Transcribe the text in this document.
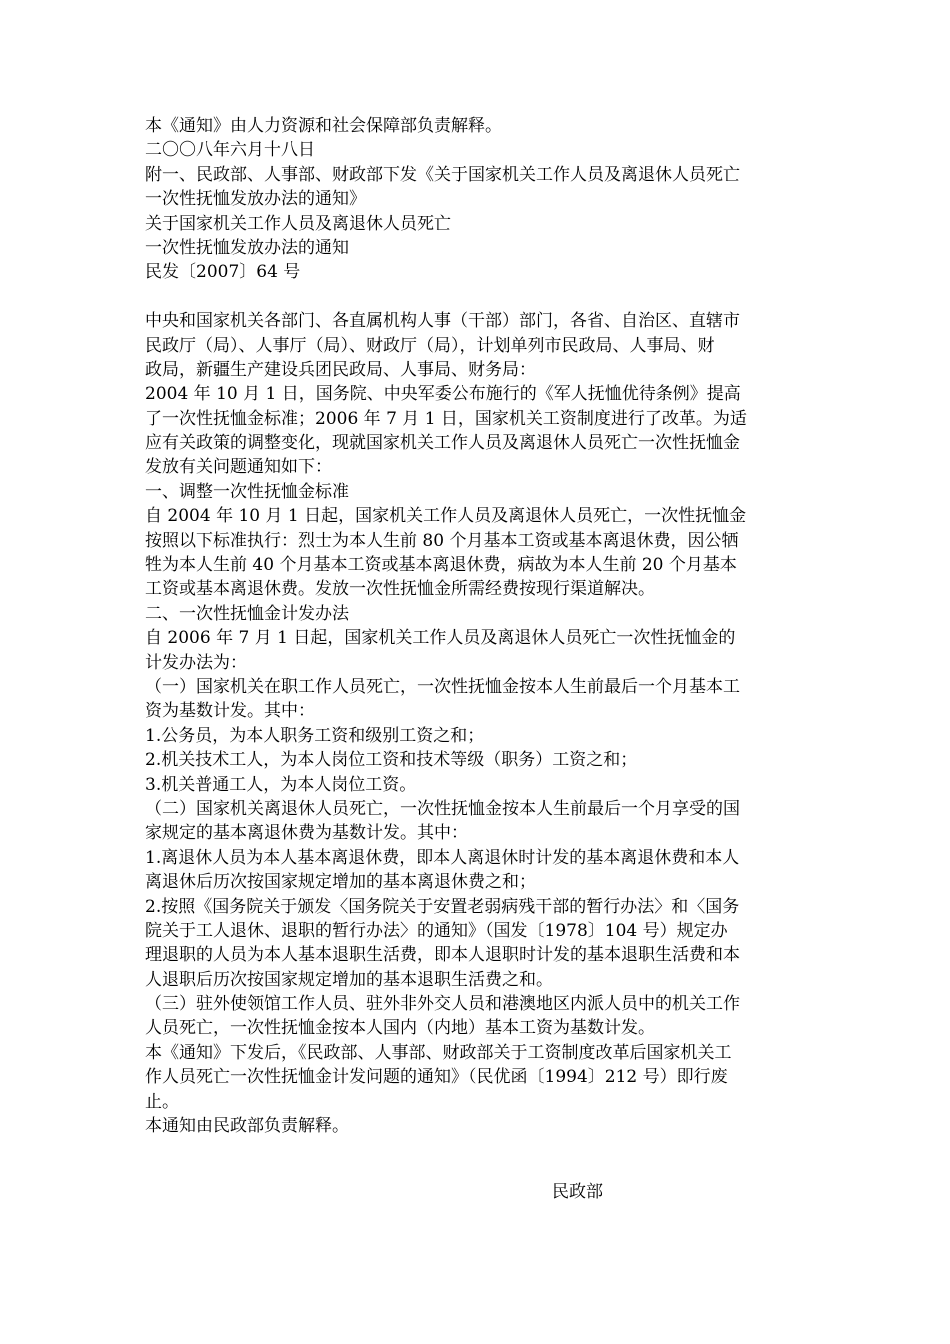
本《通知》由人力资源和社会保障部负责解释。
二〇〇八年六月十八日
附一、民政部、人事部、财政部下发《关于国家机关工作人员及离退休人员死亡
一次性抚恤发放办法的通知》
关于国家机关工作人员及离退休人员死亡
一次性抚恤发放办法的通知
民发〔2007〕64 号
中央和国家机关各部门、各直属机构人事（干部）部门，各省、自治区、直辖市
民政厅（局）、人事厅（局）、财政厅（局），计划单列市民政局、人事局、财
政局，新疆生产建设兵团民政局、人事局、财务局：
2004 年 10 月 1 日，国务院、中央军委公布施行的《军人抚恤优待条例》提高
了一次性抚恤金标准；2006 年 7 月 1 日，国家机关工资制度进行了改革。为适
应有关政策的调整变化，现就国家机关工作人员及离退休人员死亡一次性抚恤金
发放有关问题通知如下：
一、调整一次性抚恤金标准
自 2004 年 10 月 1 日起，国家机关工作人员及离退休人员死亡，一次性抚恤金
按照以下标准执行：烈士为本人生前 80 个月基本工资或基本离退休费，因公牺
牲为本人生前 40 个月基本工资或基本离退休费，病故为本人生前 20 个月基本
工资或基本离退休费。发放一次性抚恤金所需经费按现行渠道解决。
二、一次性抚恤金计发办法
自 2006 年 7 月 1 日起，国家机关工作人员及离退休人员死亡一次性抚恤金的
计发办法为：
（一）国家机关在职工作人员死亡，一次性抚恤金按本人生前最后一个月基本工
资为基数计发。其中：
1.公务员，为本人职务工资和级别工资之和；
2.机关技术工人，为本人岗位工资和技术等级（职务）工资之和；
3.机关普通工人，为本人岗位工资。
（二）国家机关离退休人员死亡，一次性抚恤金按本人生前最后一个月享受的国
家规定的基本离退休费为基数计发。其中：
1.离退休人员为本人基本离退休费，即本人离退休时计发的基本离退休费和本人
离退休后历次按国家规定增加的基本离退休费之和；
2.按照《国务院关于颁发〈国务院关于安置老弱病残干部的暂行办法〉和〈国务
院关于工人退休、退职的暂行办法〉的通知》（国发〔1978〕104 号）规定办
理退职的人员为本人基本退职生活费，即本人退职时计发的基本退职生活费和本
人退职后历次按国家规定增加的基本退职生活费之和。
（三）驻外使领馆工作人员、驻外非外交人员和港澳地区内派人员中的机关工作
人员死亡，一次性抚恤金按本人国内（内地）基本工资为基数计发。
本《通知》下发后，《民政部、人事部、财政部关于工资制度改革后国家机关工
作人员死亡一次性抚恤金计发问题的通知》（民优函〔1994〕212 号）即行废
止。
本通知由民政部负责解释。
民政部
